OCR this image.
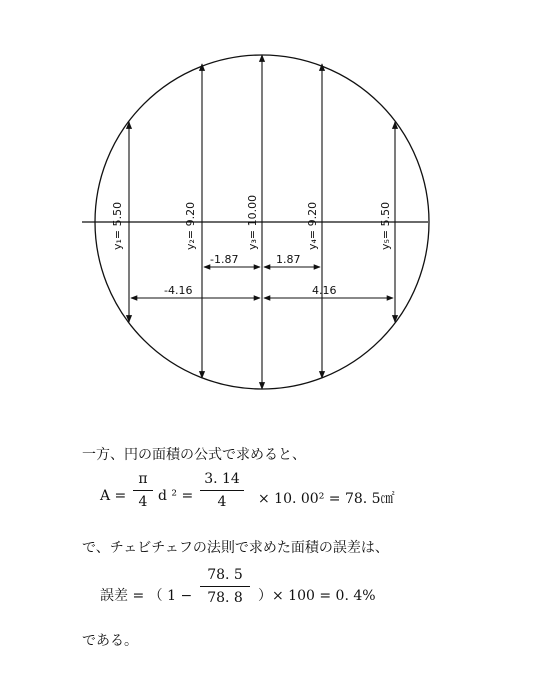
y₁= 5.50	y₂= 9.20	y₃= 10.00	y₄= 9.20	y₅= 5.50
-1.87	1.87
-4.16	4.16
一方、円の面積の公式で求めると、
A =
π
4 d ² =
3. 14
4	× 10. 00² = 78. 5㎠
で、チェビチェフの法則で求めた面積の誤差は、
誤差 = （ 1 −
78. 5
78. 8	）× 100 = 0. 4%
である。
